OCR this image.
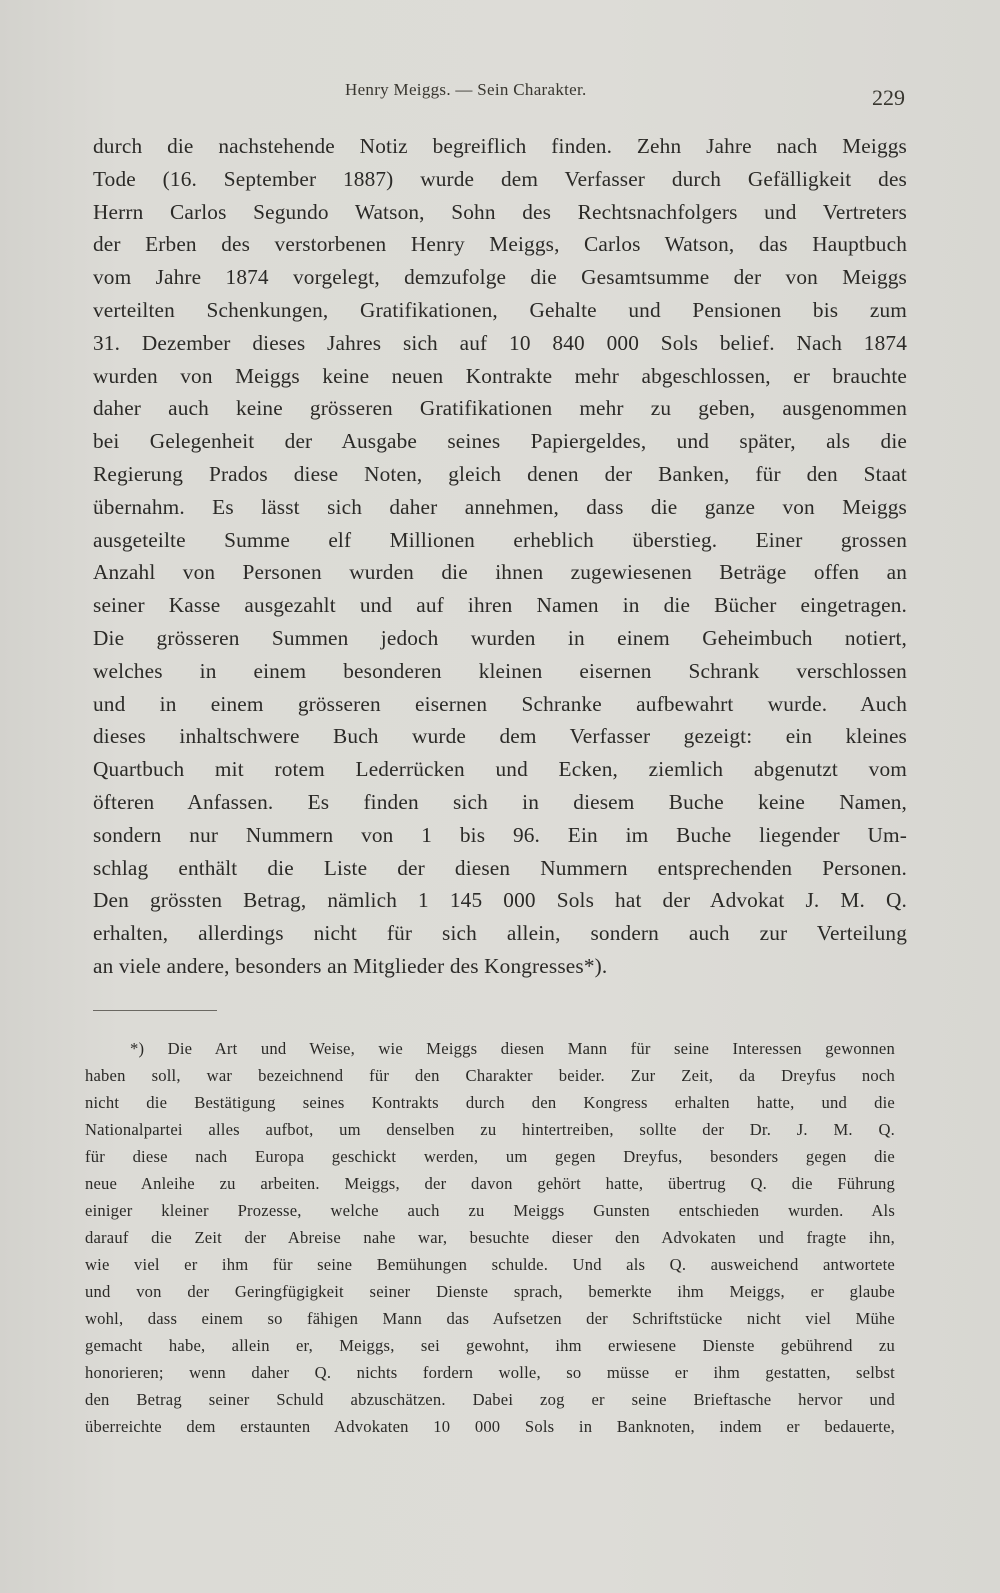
Henry Meiggs. — Sein Charakter.	229
durch die nachstehende Notiz begreiflich finden. Zehn Jahre nach Meiggs
Tode (16. September 1887) wurde dem Verfasser durch Gefälligkeit des
Herrn Carlos Segundo Watson, Sohn des Rechtsnachfolgers und Vertreters
der Erben des verstorbenen Henry Meiggs, Carlos Watson, das Hauptbuch
vom Jahre 1874 vorgelegt, demzufolge die Gesamtsumme der von Meiggs
verteilten Schenkungen, Gratifikationen, Gehalte und Pensionen bis zum
31. Dezember dieses Jahres sich auf 10 840 000 Sols belief. Nach 1874
wurden von Meiggs keine neuen Kontrakte mehr abgeschlossen, er brauchte
daher auch keine grösseren Gratifikationen mehr zu geben, ausgenommen
bei Gelegenheit der Ausgabe seines Papiergeldes, und später, als die
Regierung Prados diese Noten, gleich denen der Banken, für den Staat
übernahm. Es lässt sich daher annehmen, dass die ganze von Meiggs
ausgeteilte Summe elf Millionen erheblich überstieg. Einer grossen
Anzahl von Personen wurden die ihnen zugewiesenen Beträge offen an
seiner Kasse ausgezahlt und auf ihren Namen in die Bücher eingetragen.
Die grösseren Summen jedoch wurden in einem Geheimbuch notiert,
welches in einem besonderen kleinen eisernen Schrank verschlossen
und in einem grösseren eisernen Schranke aufbewahrt wurde. Auch
dieses inhaltschwere Buch wurde dem Verfasser gezeigt: ein kleines
Quartbuch mit rotem Lederrücken und Ecken, ziemlich abgenutzt vom
öfteren Anfassen. Es finden sich in diesem Buche keine Namen,
sondern nur Nummern von 1 bis 96. Ein im Buche liegender Um-
schlag enthält die Liste der diesen Nummern entsprechenden Personen.
Den grössten Betrag, nämlich 1 145 000 Sols hat der Advokat J. M. Q.
erhalten, allerdings nicht für sich allein, sondern auch zur Verteilung
an viele andere, besonders an Mitglieder des Kongresses*).
*) Die Art und Weise, wie Meiggs diesen Mann für seine Interessen gewonnen
haben soll, war bezeichnend für den Charakter beider. Zur Zeit, da Dreyfus noch
nicht die Bestätigung seines Kontrakts durch den Kongress erhalten hatte, und die
Nationalpartei alles aufbot, um denselben zu hintertreiben, sollte der Dr. J. M. Q.
für diese nach Europa geschickt werden, um gegen Dreyfus, besonders gegen die
neue Anleihe zu arbeiten. Meiggs, der davon gehört hatte, übertrug Q. die Führung
einiger kleiner Prozesse, welche auch zu Meiggs Gunsten entschieden wurden. Als
darauf die Zeit der Abreise nahe war, besuchte dieser den Advokaten und fragte ihn,
wie viel er ihm für seine Bemühungen schulde. Und als Q. ausweichend antwortete
und von der Geringfügigkeit seiner Dienste sprach, bemerkte ihm Meiggs, er glaube
wohl, dass einem so fähigen Mann das Aufsetzen der Schriftstücke nicht viel Mühe
gemacht habe, allein er, Meiggs, sei gewohnt, ihm erwiesene Dienste gebührend zu
honorieren; wenn daher Q. nichts fordern wolle, so müsse er ihm gestatten, selbst
den Betrag seiner Schuld abzuschätzen. Dabei zog er seine Brieftasche hervor und
überreichte dem erstaunten Advokaten 10 000 Sols in Banknoten, indem er bedauerte,
